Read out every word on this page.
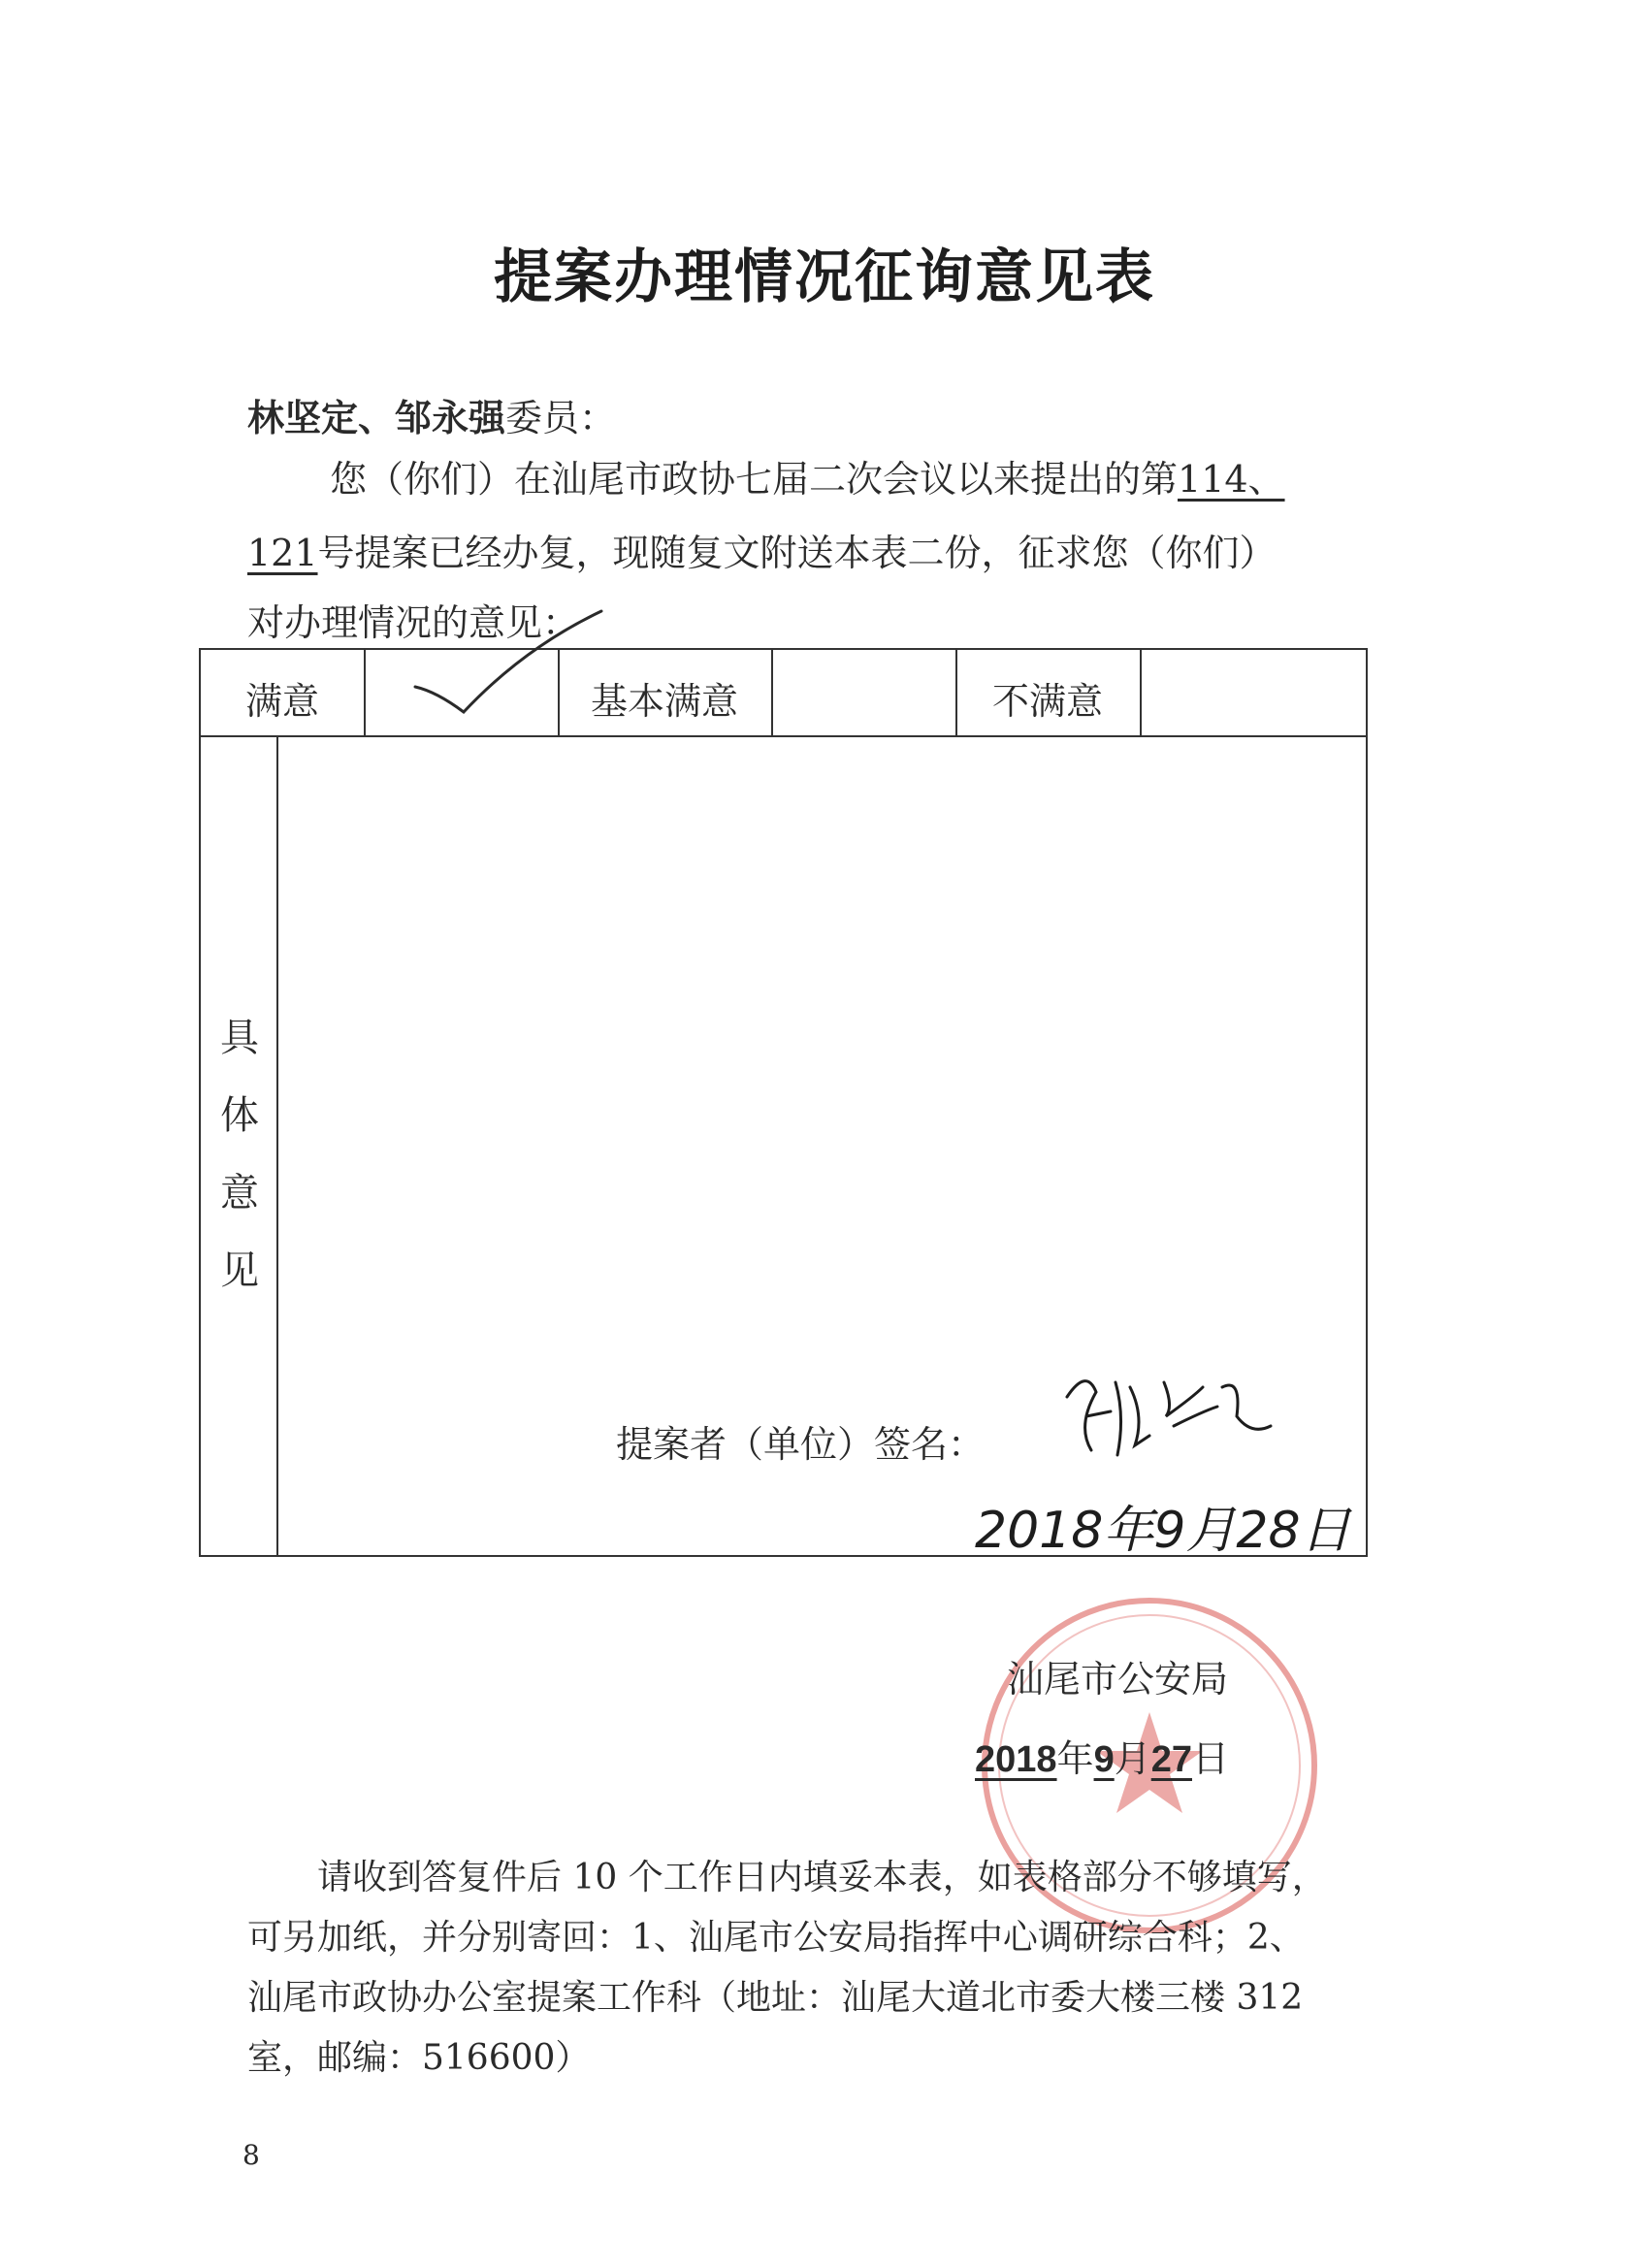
提案办理情况征询意见表
林坚定、邹永强委员：
您（你们）在汕尾市政协七届二次会议以来提出的第114、
121号提案已经办复，现随复文附送本表二份，征求您（你们）
对办理情况的意见：
满意	基本满意	不满意
具
体
意
见
提案者（单位）签名：
2018年9月28日
汕尾市公安局
2018年9月27日

请收到答复件后 10 个工作日内填妥本表，如表格部分不够填写，

可另加纸，并分别寄回：1、汕尾市公安局指挥中心调研综合科；2、

汕尾市政协办公室提案工作科（地址：汕尾大道北市委大楼三楼 312

室，邮编：516600）

8
